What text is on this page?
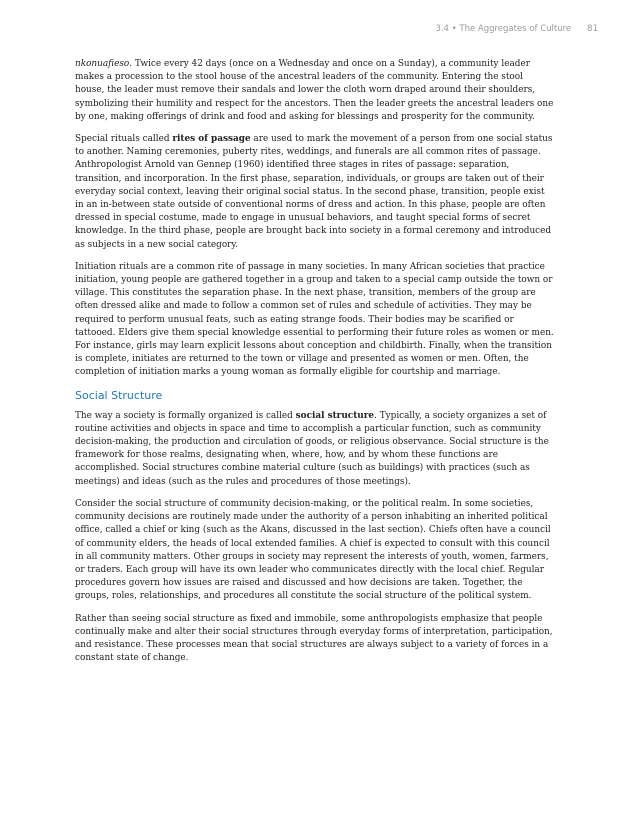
3.4 • The Aggregates of Culture 81

nkonuafieso. Twice every 42 days (once on a Wednesday and once on a Sunday), a community leader makes a procession to the stool house of the ancestral leaders of the community. Entering the stool house, the leader must remove their sandals and lower the cloth worn draped around their shoulders, symbolizing their humility and respect for the ancestors. Then the leader greets the ancestral leaders one by one, making offerings of drink and food and asking for blessings and prosperity for the community.

Special rituals called rites of passage are used to mark the movement of a person from one social status to another. Naming ceremonies, puberty rites, weddings, and funerals are all common rites of passage. Anthropologist Arnold van Gennep (1960) identified three stages in rites of passage: separation, transition, and incorporation. In the first phase, separation, individuals, or groups are taken out of their everyday social context, leaving their original social status. In the second phase, transition, people exist in an in-between state outside of conventional norms of dress and action. In this phase, people are often dressed in special costume, made to engage in unusual behaviors, and taught special forms of secret knowledge. In the third phase, people are brought back into society in a formal ceremony and introduced as subjects in a new social category.

Initiation rituals are a common rite of passage in many societies. In many African societies that practice initiation, young people are gathered together in a group and taken to a special camp outside the town or village. This constitutes the separation phase. In the next phase, transition, members of the group are often dressed alike and made to follow a common set of rules and schedule of activities. They may be required to perform unusual feats, such as eating strange foods. Their bodies may be scarified or tattooed. Elders give them special knowledge essential to performing their future roles as women or men. For instance, girls may learn explicit lessons about conception and childbirth. Finally, when the transition is complete, initiates are returned to the town or village and presented as women or men. Often, the completion of initiation marks a young woman as formally eligible for courtship and marriage.

Social Structure

The way a society is formally organized is called social structure. Typically, a society organizes a set of routine activities and objects in space and time to accomplish a particular function, such as community decision-making, the production and circulation of goods, or religious observance. Social structure is the framework for those realms, designating when, where, how, and by whom these functions are accomplished. Social structures combine material culture (such as buildings) with practices (such as meetings) and ideas (such as the rules and procedures of those meetings).

Consider the social structure of community decision-making, or the political realm. In some societies, community decisions are routinely made under the authority of a person inhabiting an inherited political office, called a chief or king (such as the Akans, discussed in the last section). Chiefs often have a council of community elders, the heads of local extended families. A chief is expected to consult with this council in all community matters. Other groups in society may represent the interests of youth, women, farmers, or traders. Each group will have its own leader who communicates directly with the local chief. Regular procedures govern how issues are raised and discussed and how decisions are taken. Together, the groups, roles, relationships, and procedures all constitute the social structure of the political system.

Rather than seeing social structure as fixed and immobile, some anthropologists emphasize that people continually make and alter their social structures through everyday forms of interpretation, participation, and resistance. These processes mean that social structures are always subject to a variety of forces in a constant state of change.
